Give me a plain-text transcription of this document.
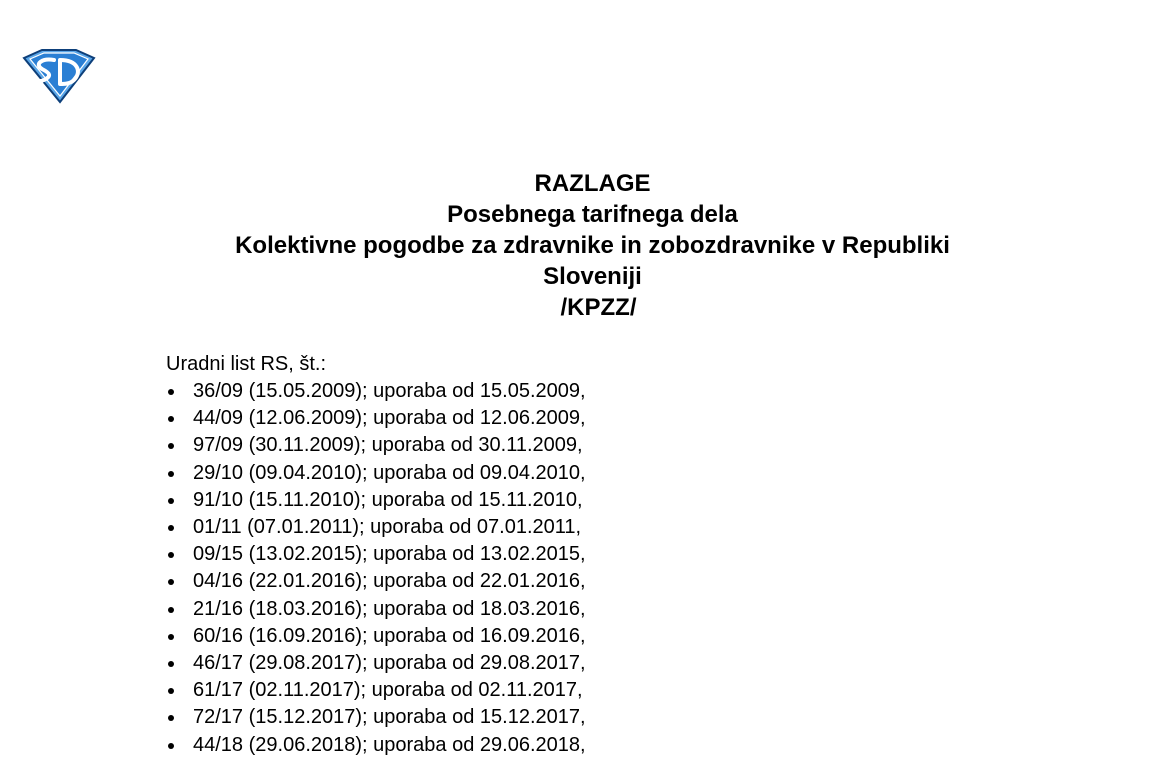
RAZLAGE
Posebnega tarifnega dela
Kolektivne pogodbe za zdravnike in zobozdravnike v Republiki
Sloveniji
/KPZZ/
Uradni list RS, št.:
36/09 (15.05.2009); uporaba od 15.05.2009,
44/09 (12.06.2009); uporaba od 12.06.2009,
97/09 (30.11.2009); uporaba od 30.11.2009,
29/10 (09.04.2010); uporaba od 09.04.2010,
91/10 (15.11.2010); uporaba od 15.11.2010,
01/11 (07.01.2011); uporaba od 07.01.2011,
09/15 (13.02.2015); uporaba od 13.02.2015,
04/16 (22.01.2016); uporaba od 22.01.2016,
21/16 (18.03.2016); uporaba od 18.03.2016,
60/16 (16.09.2016); uporaba od 16.09.2016,
46/17 (29.08.2017); uporaba od 29.08.2017,
61/17 (02.11.2017); uporaba od 02.11.2017,
72/17 (15.12.2017); uporaba od 15.12.2017,
44/18 (29.06.2018); uporaba od 29.06.2018,
